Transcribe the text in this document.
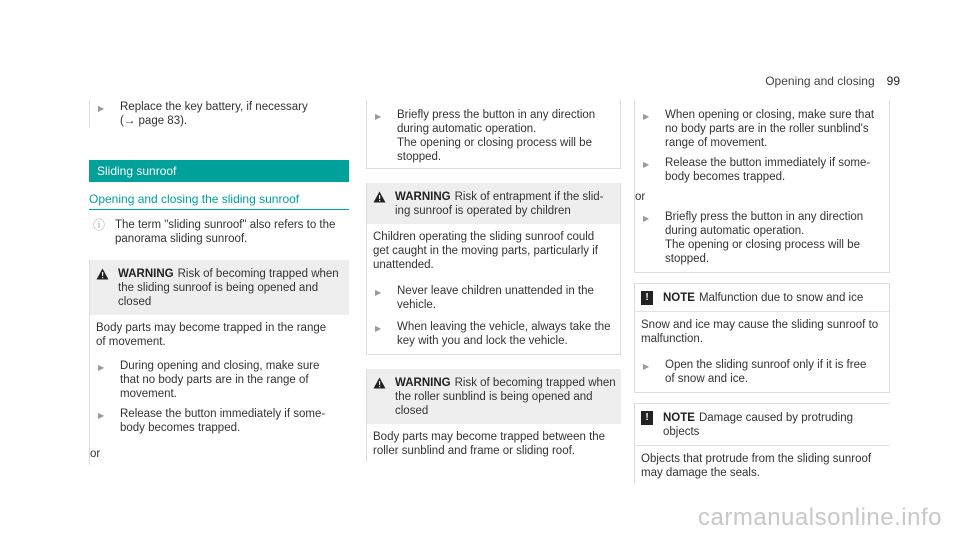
Opening and closing 99
▶	Replace the key battery, if necessary
(→ page 83).
Sliding sunroof
Opening and closing the sliding sunroof
ⓘ The term "sliding sunroof" also refers to the
panorama sliding sunroof.
WARNING Risk of becoming trapped when
the sliding sunroof is being opened and
closed
Body parts may become trapped in the range
of movement.
▶	During opening and closing, make sure
that no body parts are in the range of
movement.
▶	Release the button immediately if some-
body becomes trapped.
or
▶	Briefly press the button in any direction
during automatic operation.
The opening or closing process will be
stopped.
WARNING Risk of entrapment if the slid-
ing sunroof is operated by children
Children operating the sliding sunroof could
get caught in the moving parts, particularly if
unattended.
▶	Never leave children unattended in the
vehicle.
▶	When leaving the vehicle, always take the
key with you and lock the vehicle.
WARNING Risk of becoming trapped when
the roller sunblind is being opened and
closed
Body parts may become trapped between the
roller sunblind and frame or sliding roof.
▶	When opening or closing, make sure that
no body parts are in the roller sunblind's
range of movement.
▶	Release the button immediately if some-
body becomes trapped.
or
▶	Briefly press the button in any direction
during automatic operation.
The opening or closing process will be
stopped.
!	NOTE Malfunction due to snow and ice
Snow and ice may cause the sliding sunroof to
malfunction.
▶	Open the sliding sunroof only if it is free
of snow and ice.
!	NOTE Damage caused by protruding
objects
Objects that protrude from the sliding sunroof
may damage the seals.
carmanualsonline.info
